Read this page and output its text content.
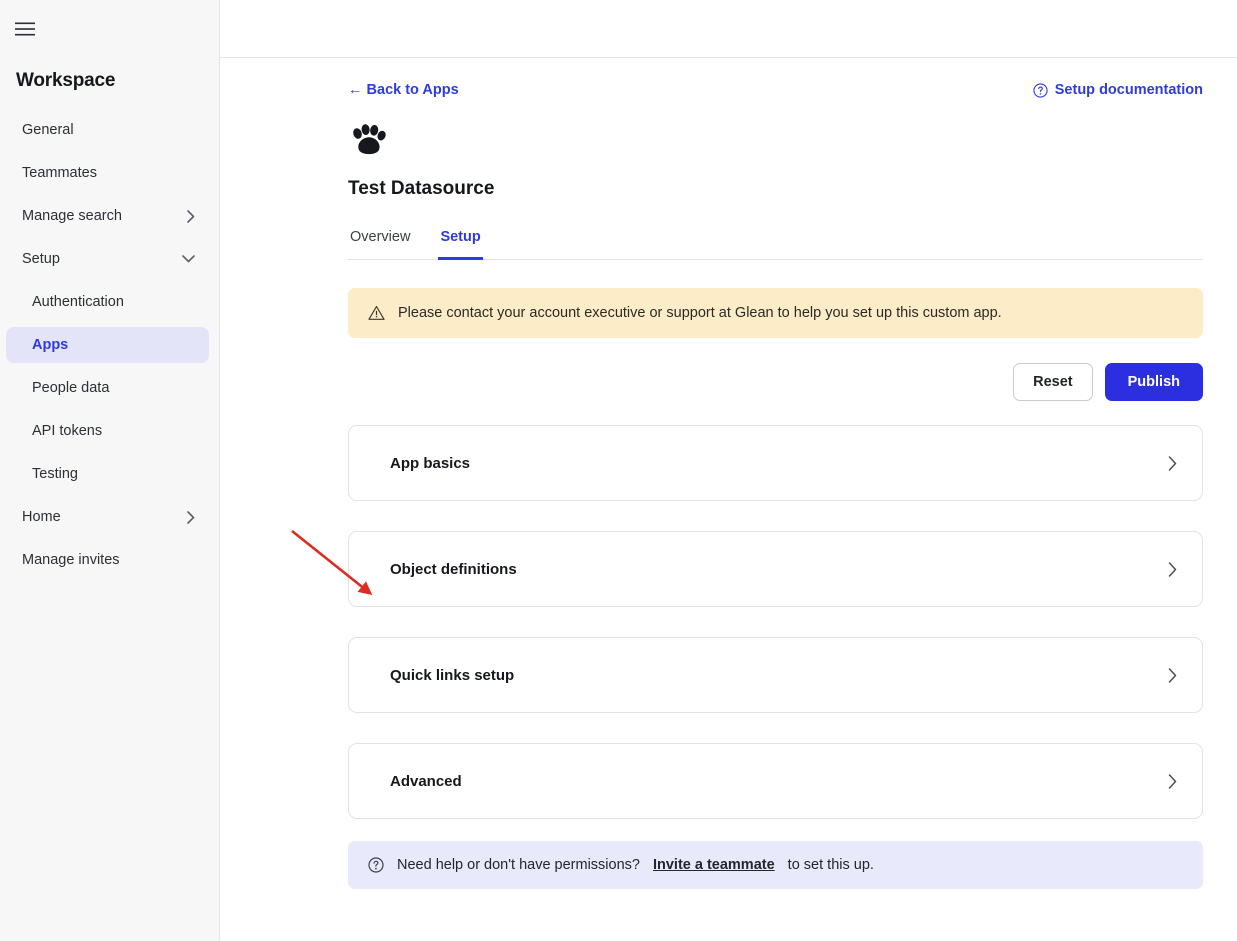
Workspace
General
Teammates
Manage search
Setup
Authentication
Apps
People data
API tokens
Testing
Home
Manage invites
← Back to Apps	Setup documentation
Test Datasource
Overview Setup
Please contact your account executive or support at Glean to help you set up this custom app.
Reset	Publish
App basics
Object definitions
Quick links setup
Advanced
Need help or don't have permissions? Invite a teammate to set this up.
